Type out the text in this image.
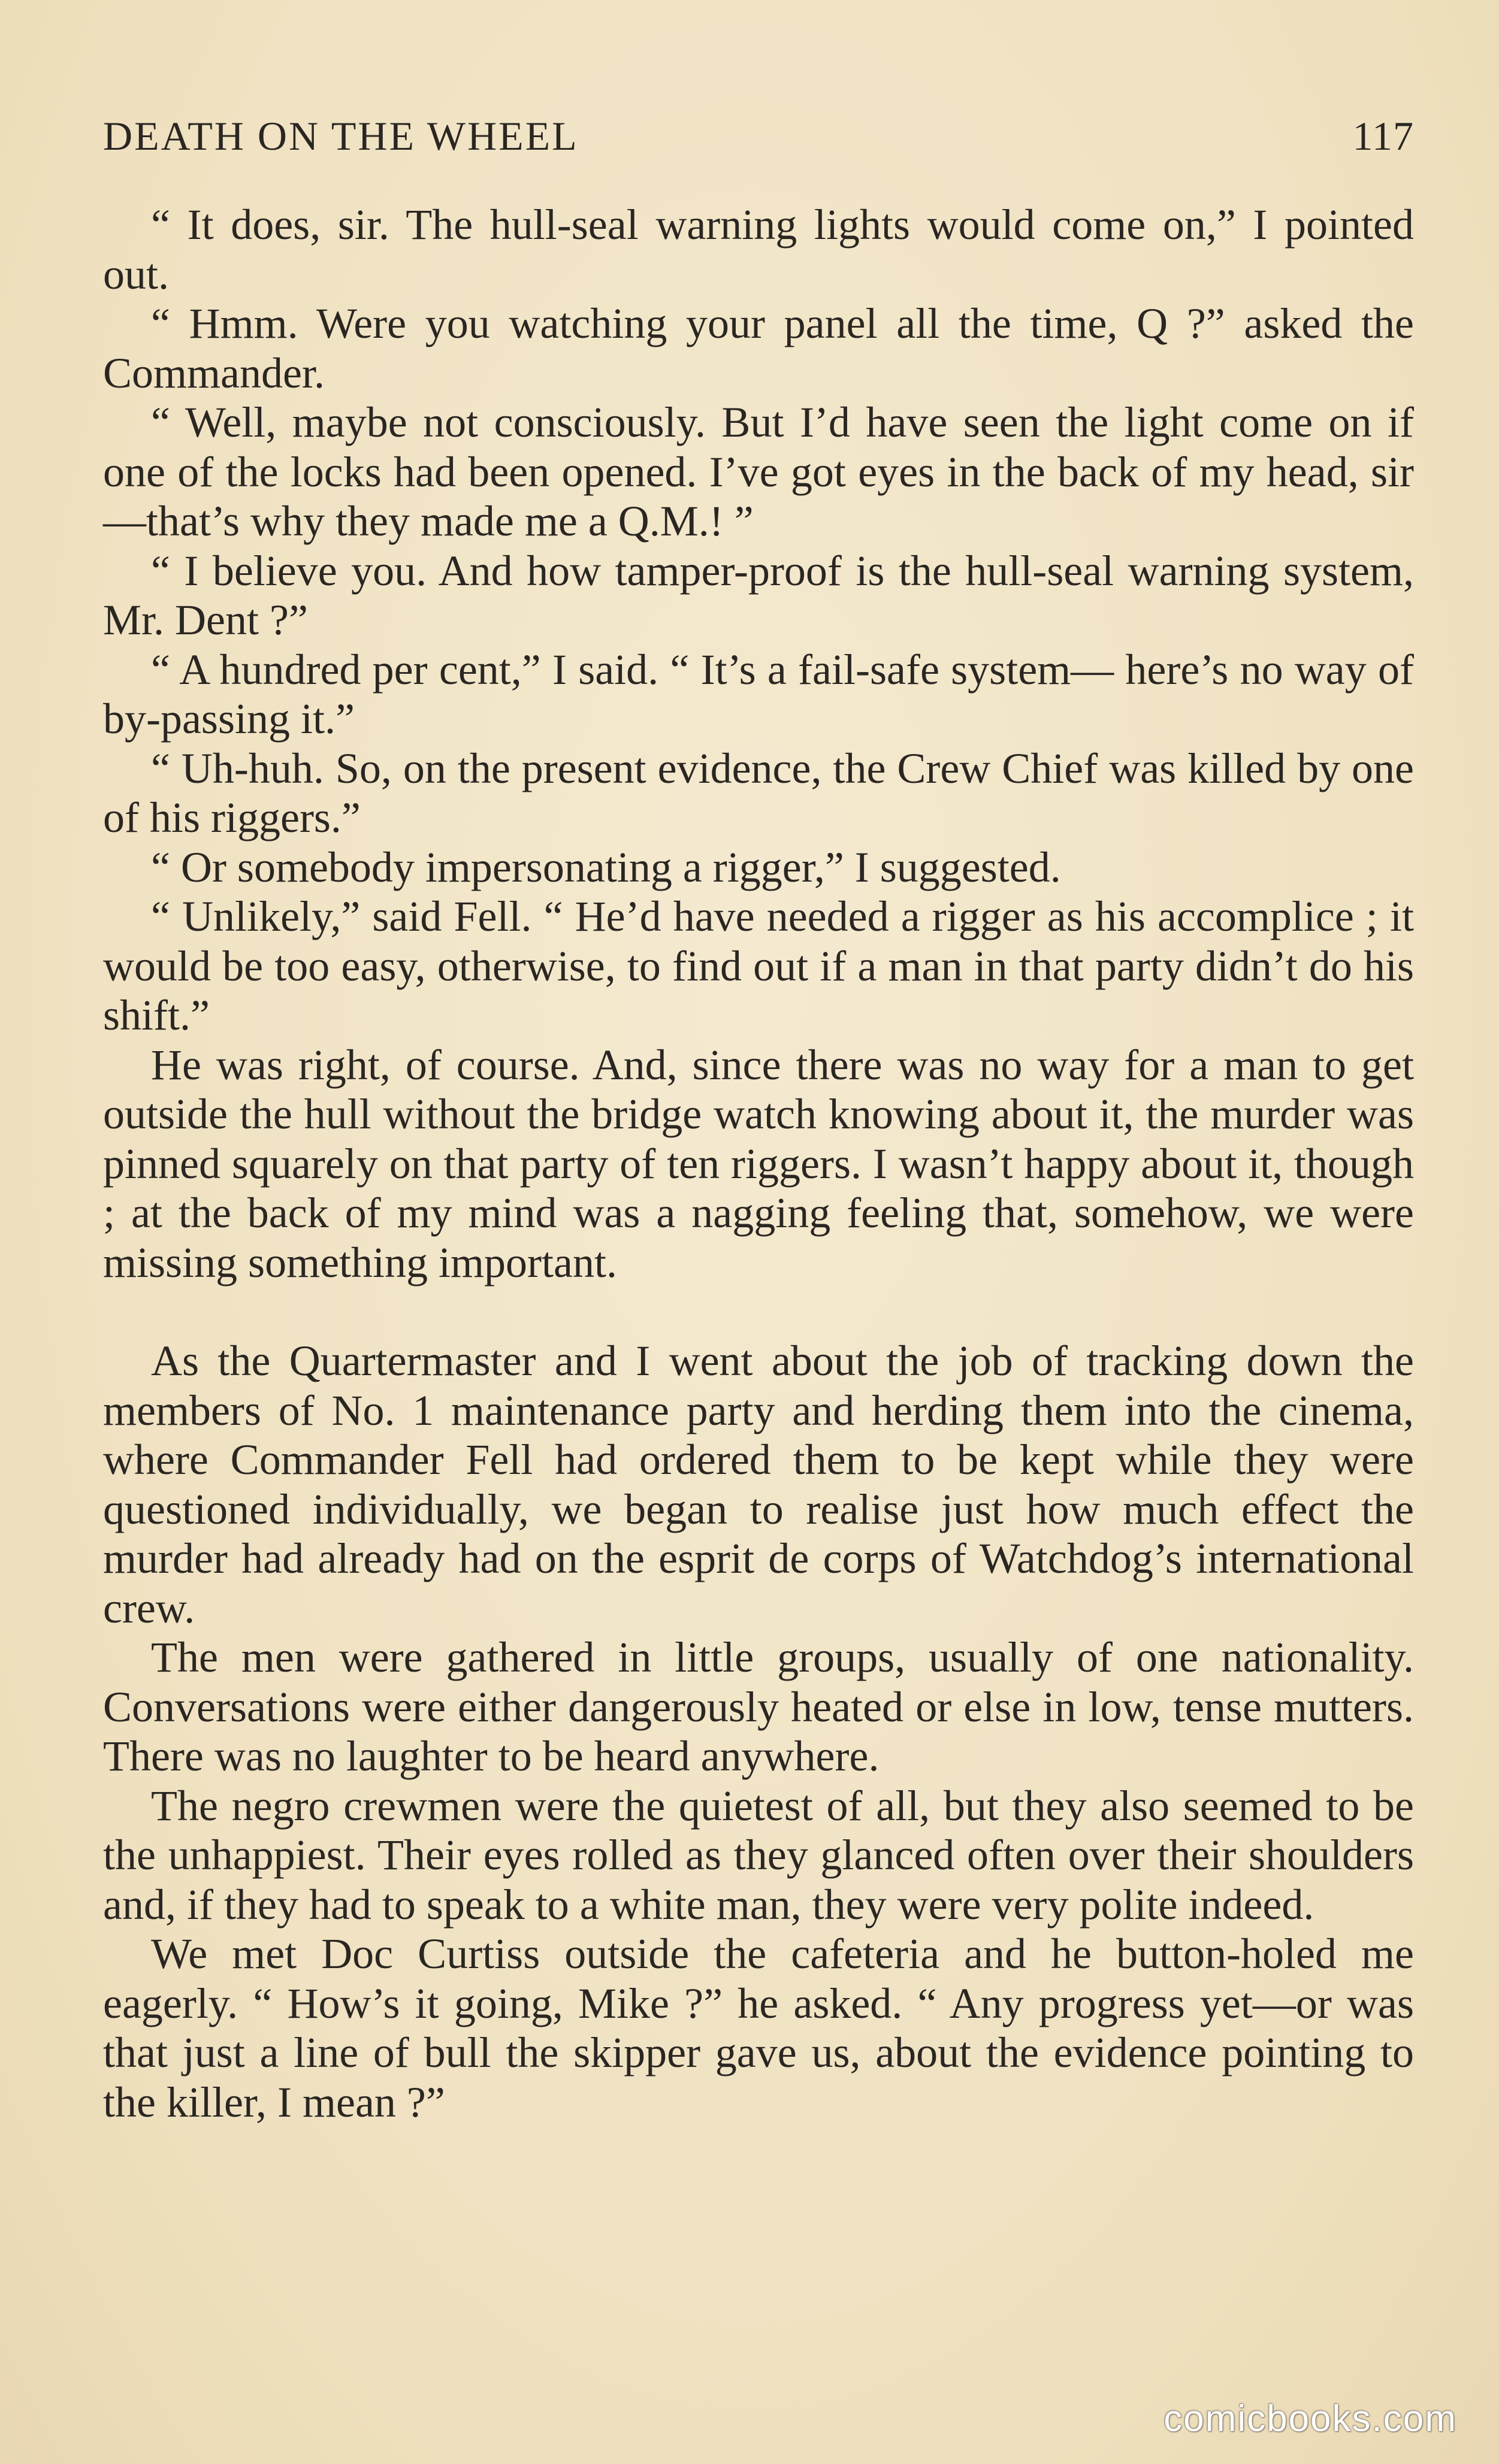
DEATH ON THE WHEEL	117

“ It does, sir. The hull-seal warning lights would come on,” I pointed out.

“ Hmm. Were you watching your panel all the time, Q ?” asked the Commander.

“ Well, maybe not consciously. But I’d have seen the light come on if one of the locks had been opened. I’ve got eyes in the back of my head, sir—that’s why they made me a Q.M.! ”

“ I believe you. And how tamper-proof is the hull-seal warning system, Mr. Dent ?”

“ A hundred per cent,” I said. “ It’s a fail-safe system— here’s no way of by-passing it.”

“ Uh-huh. So, on the present evidence, the Crew Chief was killed by one of his riggers.”

“ Or somebody impersonating a rigger,” I suggested.

“ Unlikely,” said Fell. “ He’d have needed a rigger as his accomplice ; it would be too easy, otherwise, to find out if a man in that party didn’t do his shift.”

He was right, of course. And, since there was no way for a man to get outside the hull without the bridge watch knowing about it, the murder was pinned squarely on that party of ten riggers. I wasn’t happy about it, though ; at the back of my mind was a nagging feeling that, somehow, we were missing something important.

As the Quartermaster and I went about the job of tracking down the members of No. 1 maintenance party and herding them into the cinema, where Commander Fell had ordered them to be kept while they were questioned individually, we began to realise just how much effect the murder had already had on the esprit de corps of Watchdog’s international crew.

The men were gathered in little groups, usually of one nationality. Conversations were either dangerously heated or else in low, tense mutters. There was no laughter to be heard anywhere.

The negro crewmen were the quietest of all, but they also seemed to be the unhappiest. Their eyes rolled as they glanced often over their shoulders and, if they had to speak to a white man, they were very polite indeed.

We met Doc Curtiss outside the cafeteria and he button-holed me eagerly. “ How’s it going, Mike ?” he asked. “ Any progress yet—or was that just a line of bull the skipper gave us, about the evidence pointing to the killer, I mean ?”

comicbooks.com
